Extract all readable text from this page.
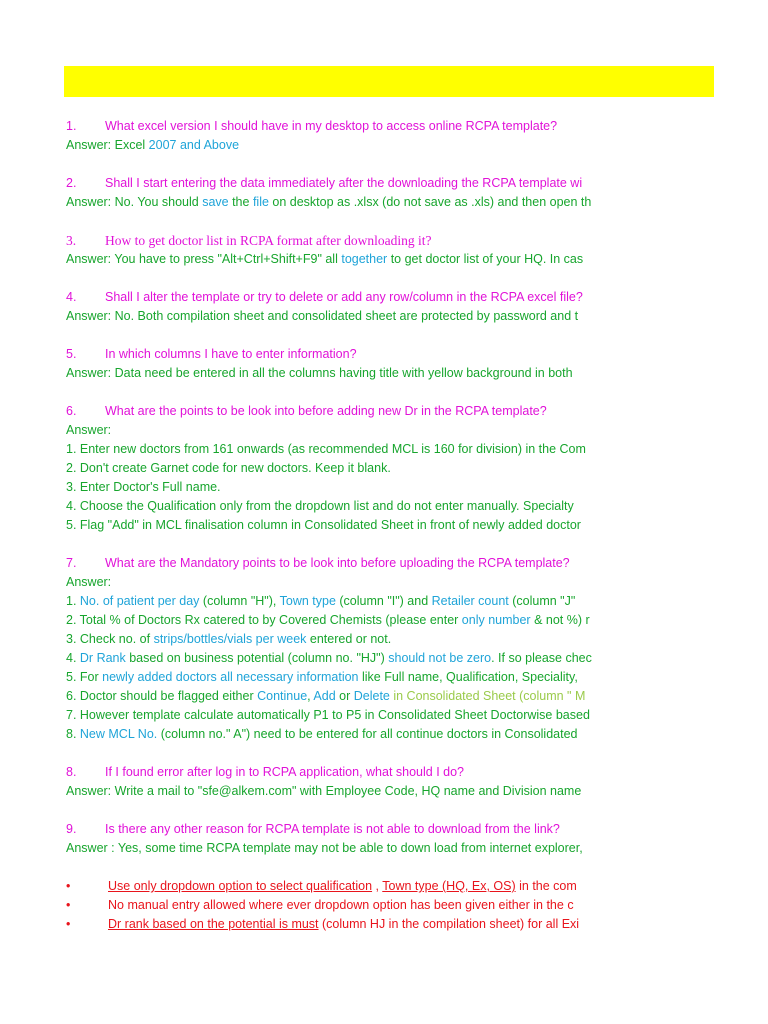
1. What excel version I should have in my desktop to access online RCPA template?
Answer: Excel 2007 and Above
2. Shall I start entering the data immediately after the downloading the RCPA template wi
Answer: No. You should save the file on desktop as .xlsx (do not save as .xls) and then open th
3. How to get doctor list in RCPA format after downloading it?
Answer: You have to press "Alt+Ctrl+Shift+F9" all together to get doctor list of your HQ. In cas
4. Shall I alter the template or try to delete or add any row/column in the RCPA excel file?
Answer: No. Both compilation sheet and consolidated sheet are protected by password and t
5. In which columns I have to enter information?
Answer: Data need be entered in all the columns having title with yellow background in both
6. What are the points to be look into before adding new Dr in the RCPA template?
Answer:
1. Enter new doctors from 161 onwards (as recommended MCL is 160 for division) in the Com
2. Don't create Garnet code for new doctors. Keep it blank.
3. Enter Doctor's Full name.
4. Choose the Qualification only from the dropdown list and do not enter manually. Specialty
5. Flag "Add" in MCL finalisation column in Consolidated Sheet in front of newly added doctor
7. What are the Mandatory points to be look into before uploading the RCPA template?
Answer:
1. No. of patient per day (column "H"), Town type (column "I") and Retailer count (column "J"
2. Total % of Doctors Rx catered to by Covered Chemists (please enter only number & not %) r
3. Check no. of strips/bottles/vials per week entered or not.
4. Dr Rank based on business potential (column no. "HJ") should not be zero. If so please chec
5. For newly added doctors all necessary information like Full name, Qualification, Speciality,
6. Doctor should be flagged either Continue, Add or Delete in Consolidated Sheet (column " M
7. However template calculate automatically P1 to P5 in Consolidated Sheet Doctorwise based
8. New MCL No. (column no." A") need to be entered for all continue doctors in Consolidated
8. If I found error after log in to RCPA application, what should I do?
Answer: Write a mail to "sfe@alkem.com" with Employee Code, HQ name and Division name
9. Is there any other reason for RCPA template is not able to download from the link?
Answer : Yes, some time RCPA template may not be able to down load from internet explorer,
•	Use only dropdown option to select qualification , Town type (HQ, Ex, OS) in the com
•	No manual entry allowed where ever dropdown option has been given either in the c
•	Dr rank based on the potential is must (column HJ in the compilation sheet) for all Exi
